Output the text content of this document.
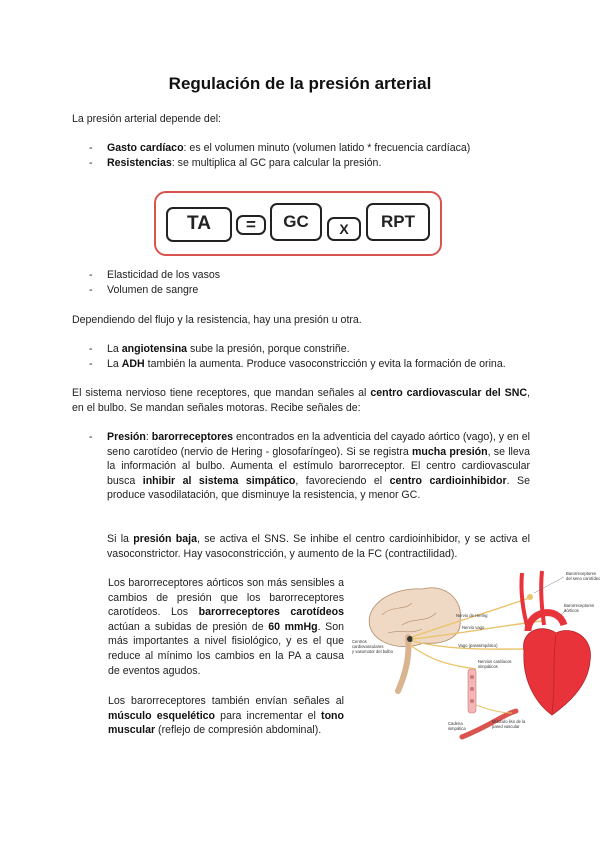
Regulación de la presión arterial

La presión arterial depende del:

- Gasto cardíaco: es el volumen minuto (volumen latido * frecuencia cardíaca)
- Resistencias: se multiplica al GC para calcular la presión.
TA	=	GC	X	RPT
- Elasticidad de los vasos
- Volumen de sangre

Dependiendo del flujo y la resistencia, hay una presión u otra.

- La angiotensina sube la presión, porque constriñe.
- La ADH también la aumenta. Produce vasoconstricción y evita la formación de orina.

El sistema nervioso tiene receptores, que mandan señales al centro cardiovascular del SNC, en el bulbo. Se mandan señales motoras. Recibe señales de:

- Presión: barorreceptores encontrados en la adventicia del cayado aórtico (vago), y en el seno carotídeo (nervio de Hering - glosofaríngeo). Si se registra mucha presión, se lleva la información al bulbo. Aumenta el estímulo barorreceptor. El centro cardiovascular busca inhibir al sistema simpático, favoreciendo el centro cardioinhibidor. Se produce vasodilatación, que disminuye la resistencia, y menor GC.

Si la presión baja, se activa el SNS. Se inhibe el centro cardioinhibidor, y se activa el vasoconstrictor. Hay vasoconstricción, y aumento de la FC (contractilidad).

Los barorreceptores aórticos son más sensibles a cambios de presión que los barorreceptores carotídeos. Los barorreceptores carotídeos actúan a subidas de presión de 60 mmHg. Son más importantes a nivel fisiológico, y es el que reduce al mínimo los cambios en la PA a causa de eventos agudos.

Los barorreceptores también envían señales al músculo esquelético para incrementar el tono muscular (reflejo de compresión abdominal).

Barorreceptores
del seno carotídeo
Barorreceptores
aórticos
Centros
cardiovasculares
y vasomotor del bulbo
Nervio de Hering
Nervio vago
Vago (parasimpático)
Nervios cardíacos
simpáticos
Cadena
simpática
Músculo liso de la
pared vascular
